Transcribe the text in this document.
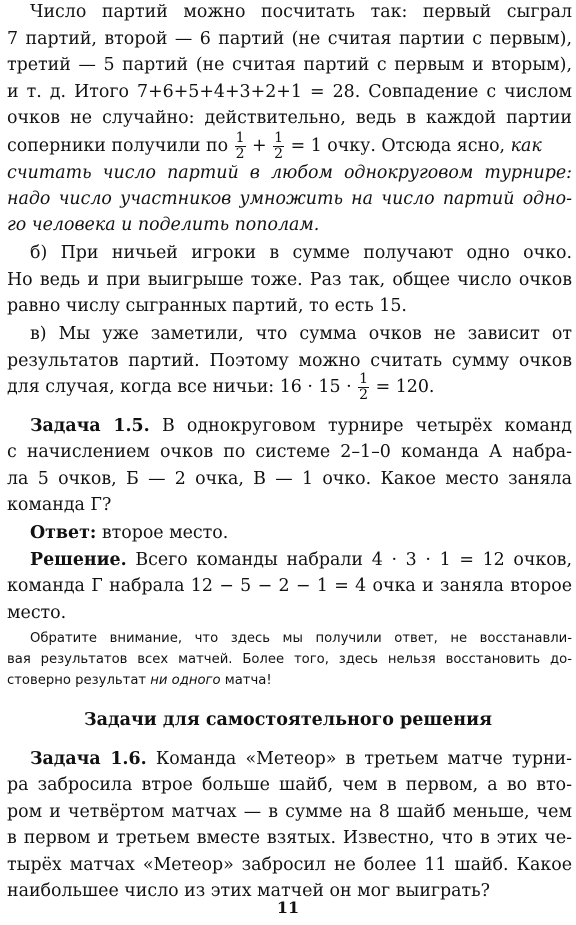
Число партий можно посчитать так: первый сыграл
7 партий, второй — 6 партий (не считая партии с первым),
третий — 5 партий (не считая партий с первым и вторым),
и т. д. Итого 7+6+5+4+3+2+1 = 28. Совпадение с числом
очков не случайно: действительно, ведь в каждой партии
соперники получили по $\frac{1}{2} + \frac{1}{2} = 1$ очку. Отсюда ясно, как
считать число партий в любом однокруговом турнире:
надо число участников умножить на число партий одно-
го человека и поделить пополам.
б) При ничьей игроки в сумме получают одно очко.
Но ведь и при выигрыше тоже. Раз так, общее число очков
равно числу сыгранных партий, то есть 15.
в) Мы уже заметили, что сумма очков не зависит от
результатов партий. Поэтому можно считать сумму очков
для случая, когда все ничьи: $16 \cdot 15 \cdot \frac{1}{2} = 120$.
Задача 1.5. В однокруговом турнире четырёх команд
с начислением очков по системе 2–1–0 команда А набра-
ла 5 очков, Б — 2 очка, В — 1 очко. Какое место заняла
команда Г?
Ответ: второе место.
Решение. Всего команды набрали 4 · 3 · 1 = 12 очков,
команда Г набрала 12 − 5 − 2 − 1 = 4 очка и заняла второе
место.
Обратите внимание, что здесь мы получили ответ, не восстанавли-
вая результатов всех матчей. Более того, здесь нельзя восстановить до-
стоверно результат ни одного матча!
Задачи для самостоятельного решения
Задача 1.6. Команда «Метеор» в третьем матче турни-
ра забросила втрое больше шайб, чем в первом, а во вто-
ром и четвёртом матчах — в сумме на 8 шайб меньше, чем
в первом и третьем вместе взятых. Известно, что в этих че-
тырёх матчах «Метеор» забросил не более 11 шайб. Какое
наибольшее число из этих матчей он мог выиграть?
11
